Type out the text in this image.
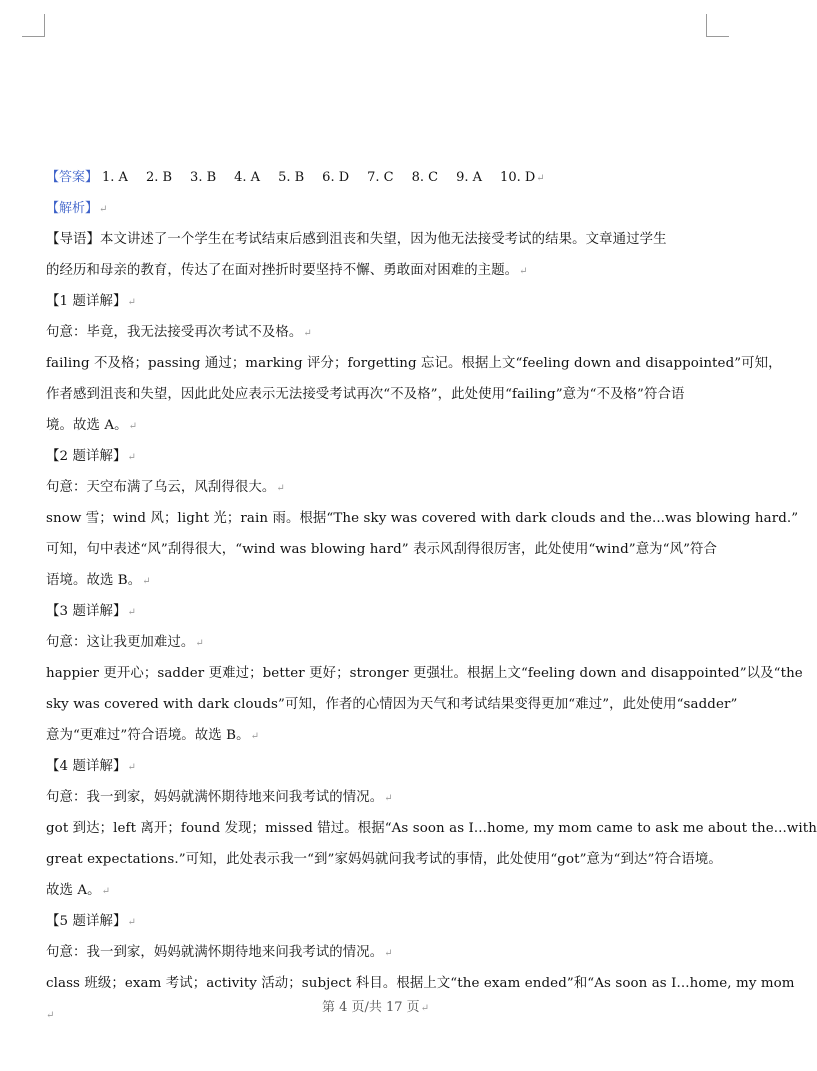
【答案】 1. A 2. B 3. B 4. A 5. B 6. D 7. C 8. C 9. A 10. D↵
【解析】↵
【导语】本文讲述了一个学生在考试结束后感到沮丧和失望，因为他无法接受考试的结果。文章通过学生
的经历和母亲的教育，传达了在面对挫折时要坚持不懈、勇敢面对困难的主题。↵
【1 题详解】↵
句意：毕竟，我无法接受再次考试不及格。↵
failing 不及格；passing 通过；marking 评分；forgetting 忘记。根据上文“feeling down and disappointed”可知，
作者感到沮丧和失望，因此此处应表示无法接受考试再次“不及格”，此处使用“failing”意为“不及格”符合语
境。故选 A。↵
【2 题详解】↵
句意：天空布满了乌云，风刮得很大。↵
snow 雪；wind 风；light 光；rain 雨。根据“The sky was covered with dark clouds and the...was blowing hard.”
可知，句中表述“风”刮得很大，“wind was blowing hard” 表示风刮得很厉害，此处使用“wind”意为“风”符合
语境。故选 B。↵
【3 题详解】↵
句意：这让我更加难过。↵
happier 更开心；sadder 更难过；better 更好；stronger 更强壮。根据上文“feeling down and disappointed”以及“the
sky was covered with dark clouds”可知，作者的心情因为天气和考试结果变得更加“难过”，此处使用“sadder”
意为“更难过”符合语境。故选 B。↵
【4 题详解】↵
句意：我一到家，妈妈就满怀期待地来问我考试的情况。↵
got 到达；left 离开；found 发现；missed 错过。根据“As soon as I...home, my mom came to ask me about the...with
great expectations.”可知，此处表示我一“到”家妈妈就问我考试的事情，此处使用“got”意为“到达”符合语境。
故选 A。↵
【5 题详解】↵
句意：我一到家，妈妈就满怀期待地来问我考试的情况。↵
class 班级；exam 考试；activity 活动；subject 科目。根据上文“the exam ended”和“As soon as I...home, my mom
第 4 页/共 17 页↵
↵
